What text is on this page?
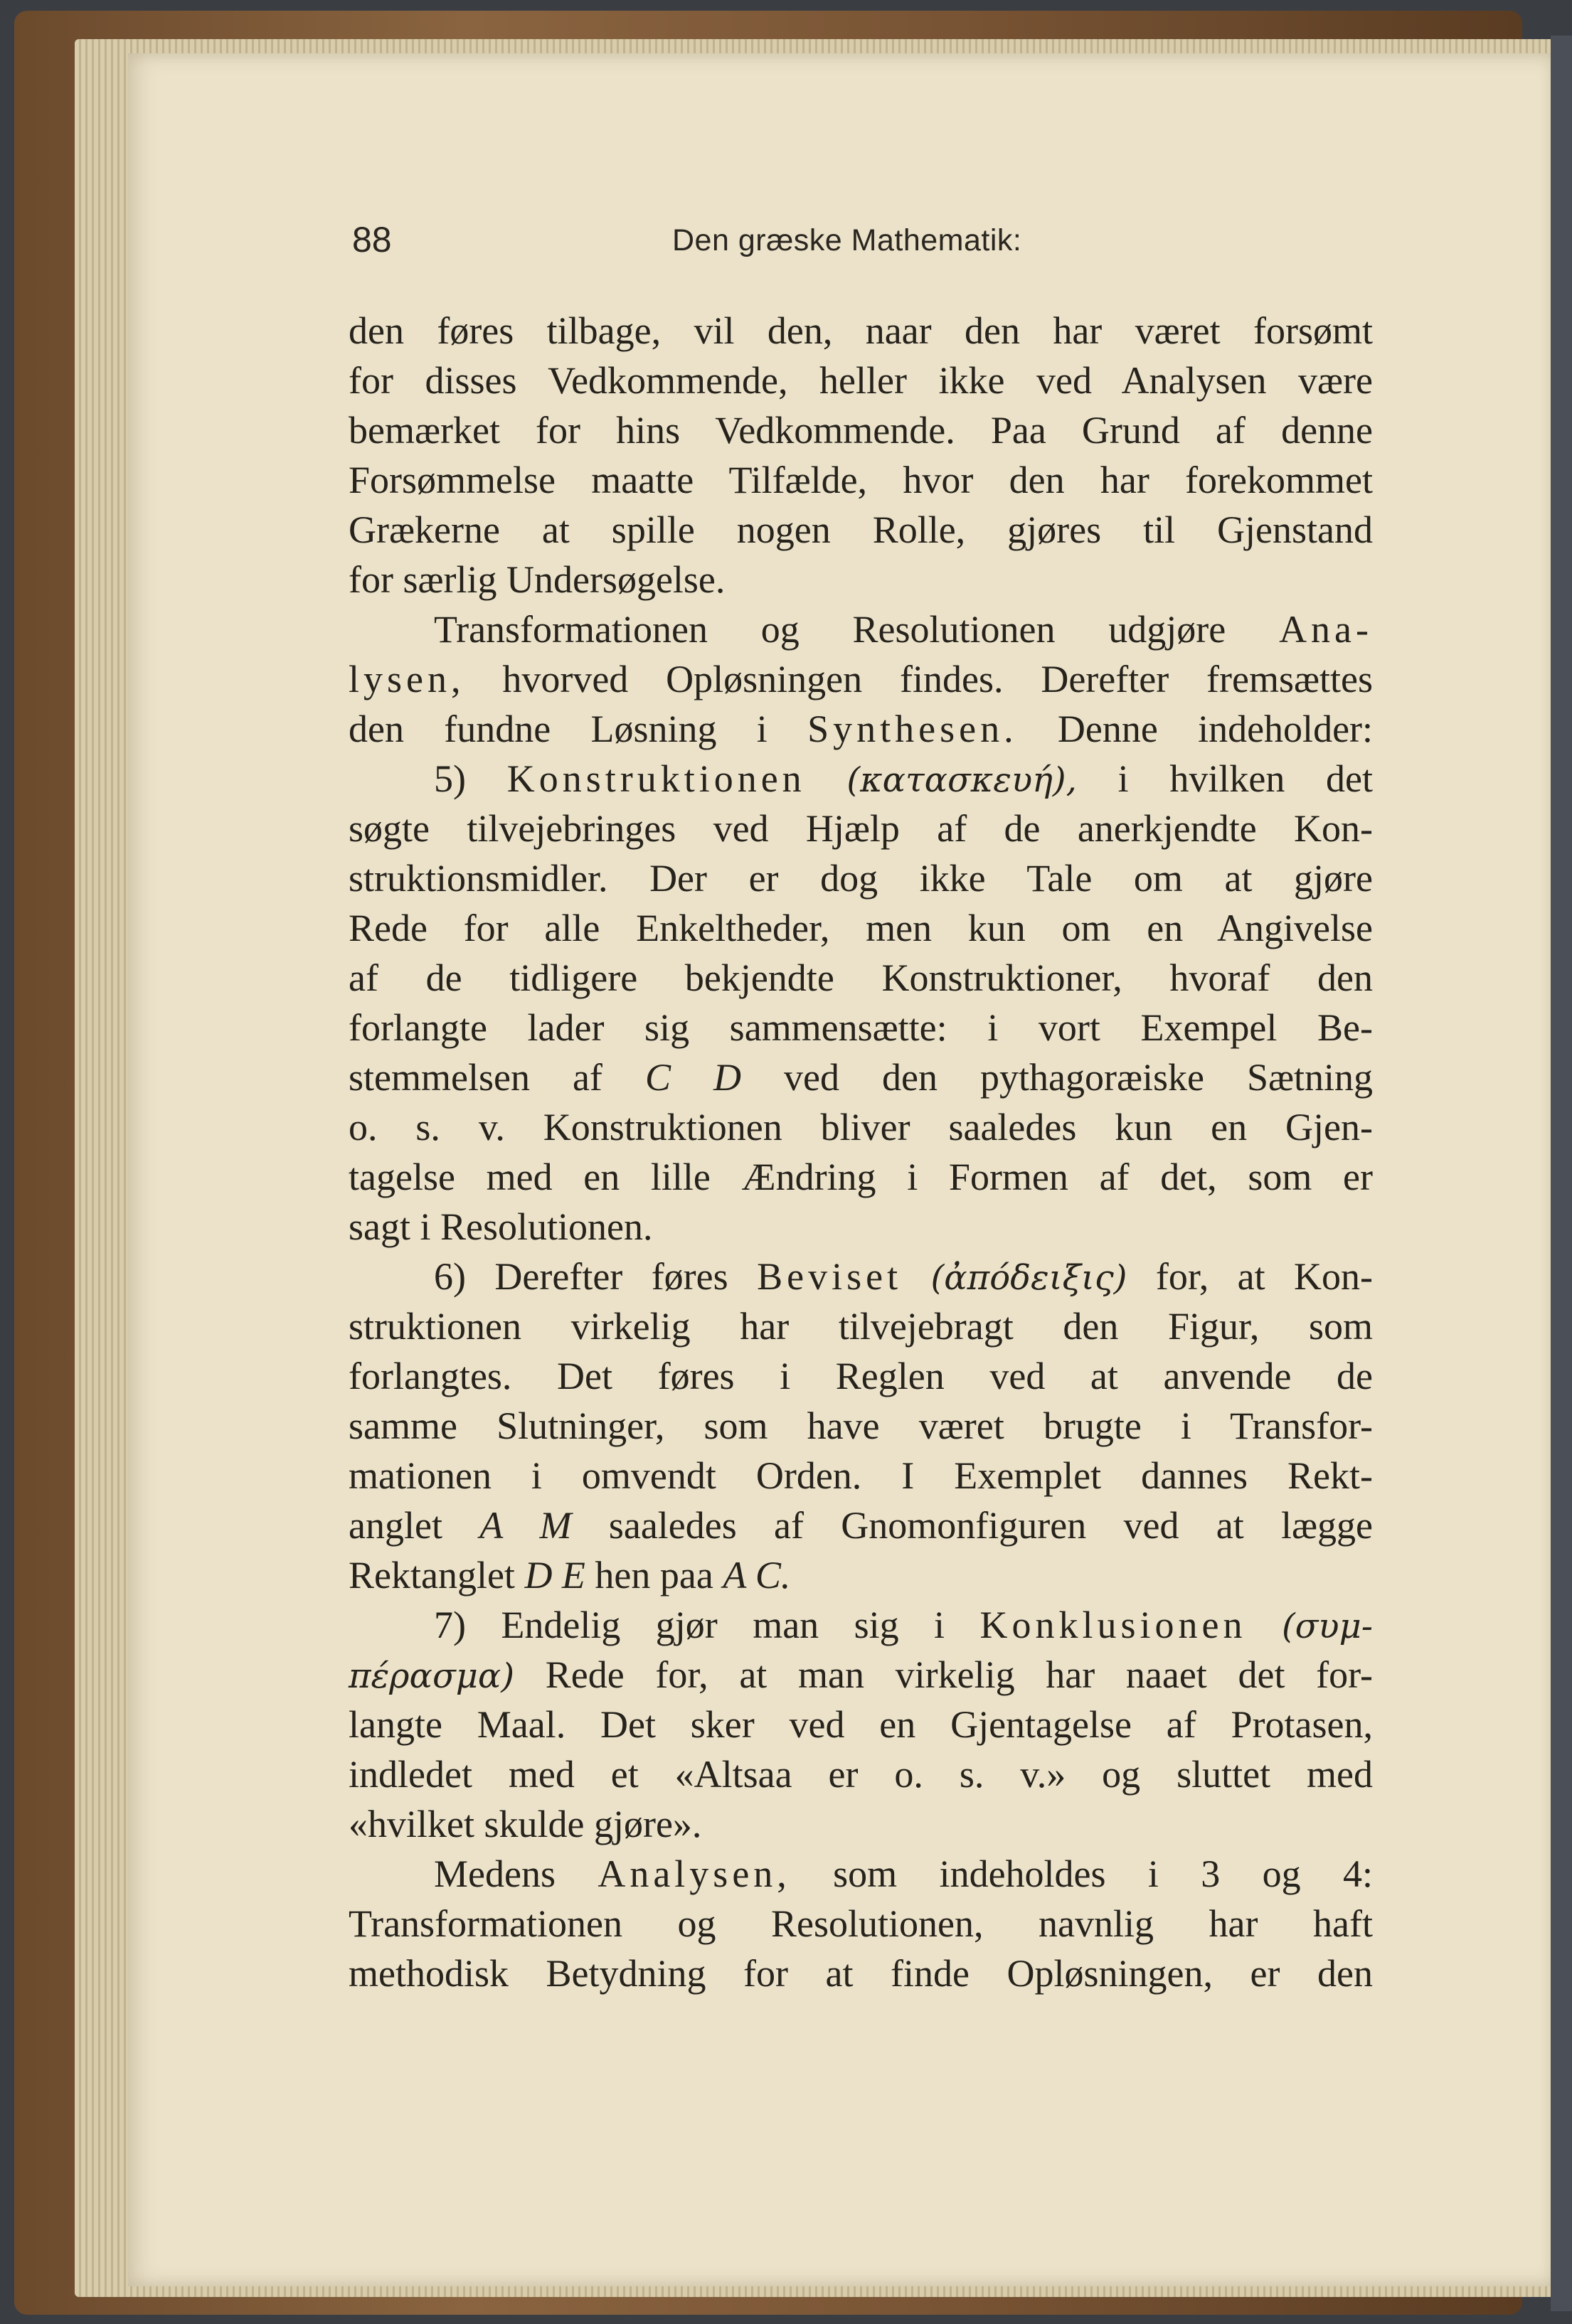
88	Den græske Mathematik:
den føres tilbage, vil den, naar den har været forsømt
for disses Vedkommende, heller ikke ved Analysen være
bemærket for hins Vedkommende. Paa Grund af denne
Forsømmelse maatte Tilfælde, hvor den har forekommet
Grækerne at spille nogen Rolle, gjøres til Gjenstand
for særlig Undersøgelse.
Transformationen og Resolutionen udgjøre Ana-
lysen, hvorved Opløsningen findes. Derefter fremsættes
den fundne Løsning i Synthesen. Denne indeholder:
5) Konstruktionen (κατασκευή), i hvilken det
søgte tilvejebringes ved Hjælp af de anerkjendte Kon-
struktionsmidler. Der er dog ikke Tale om at gjøre
Rede for alle Enkeltheder, men kun om en Angivelse
af de tidligere bekjendte Konstruktioner, hvoraf den
forlangte lader sig sammensætte: i vort Exempel Be-
stemmelsen af C D ved den pythagoræiske Sætning
o. s. v. Konstruktionen bliver saaledes kun en Gjen-
tagelse med en lille Ændring i Formen af det, som er
sagt i Resolutionen.
6) Derefter føres Beviset (ἀπόδειξις) for, at Kon-
struktionen virkelig har tilvejebragt den Figur, som
forlangtes. Det føres i Reglen ved at anvende de
samme Slutninger, som have været brugte i Transfor-
mationen i omvendt Orden. I Exemplet dannes Rekt-
anglet A M saaledes af Gnomonfiguren ved at lægge
Rektanglet D E hen paa A C.
7) Endelig gjør man sig i Konklusionen (συμ-
πέρασμα) Rede for, at man virkelig har naaet det for-
langte Maal. Det sker ved en Gjentagelse af Protasen,
indledet med et «Altsaa er o. s. v.» og sluttet med
«hvilket skulde gjøre».
Medens Analysen, som indeholdes i 3 og 4:
Transformationen og Resolutionen, navnlig har haft
methodisk Betydning for at finde Opløsningen, er den
